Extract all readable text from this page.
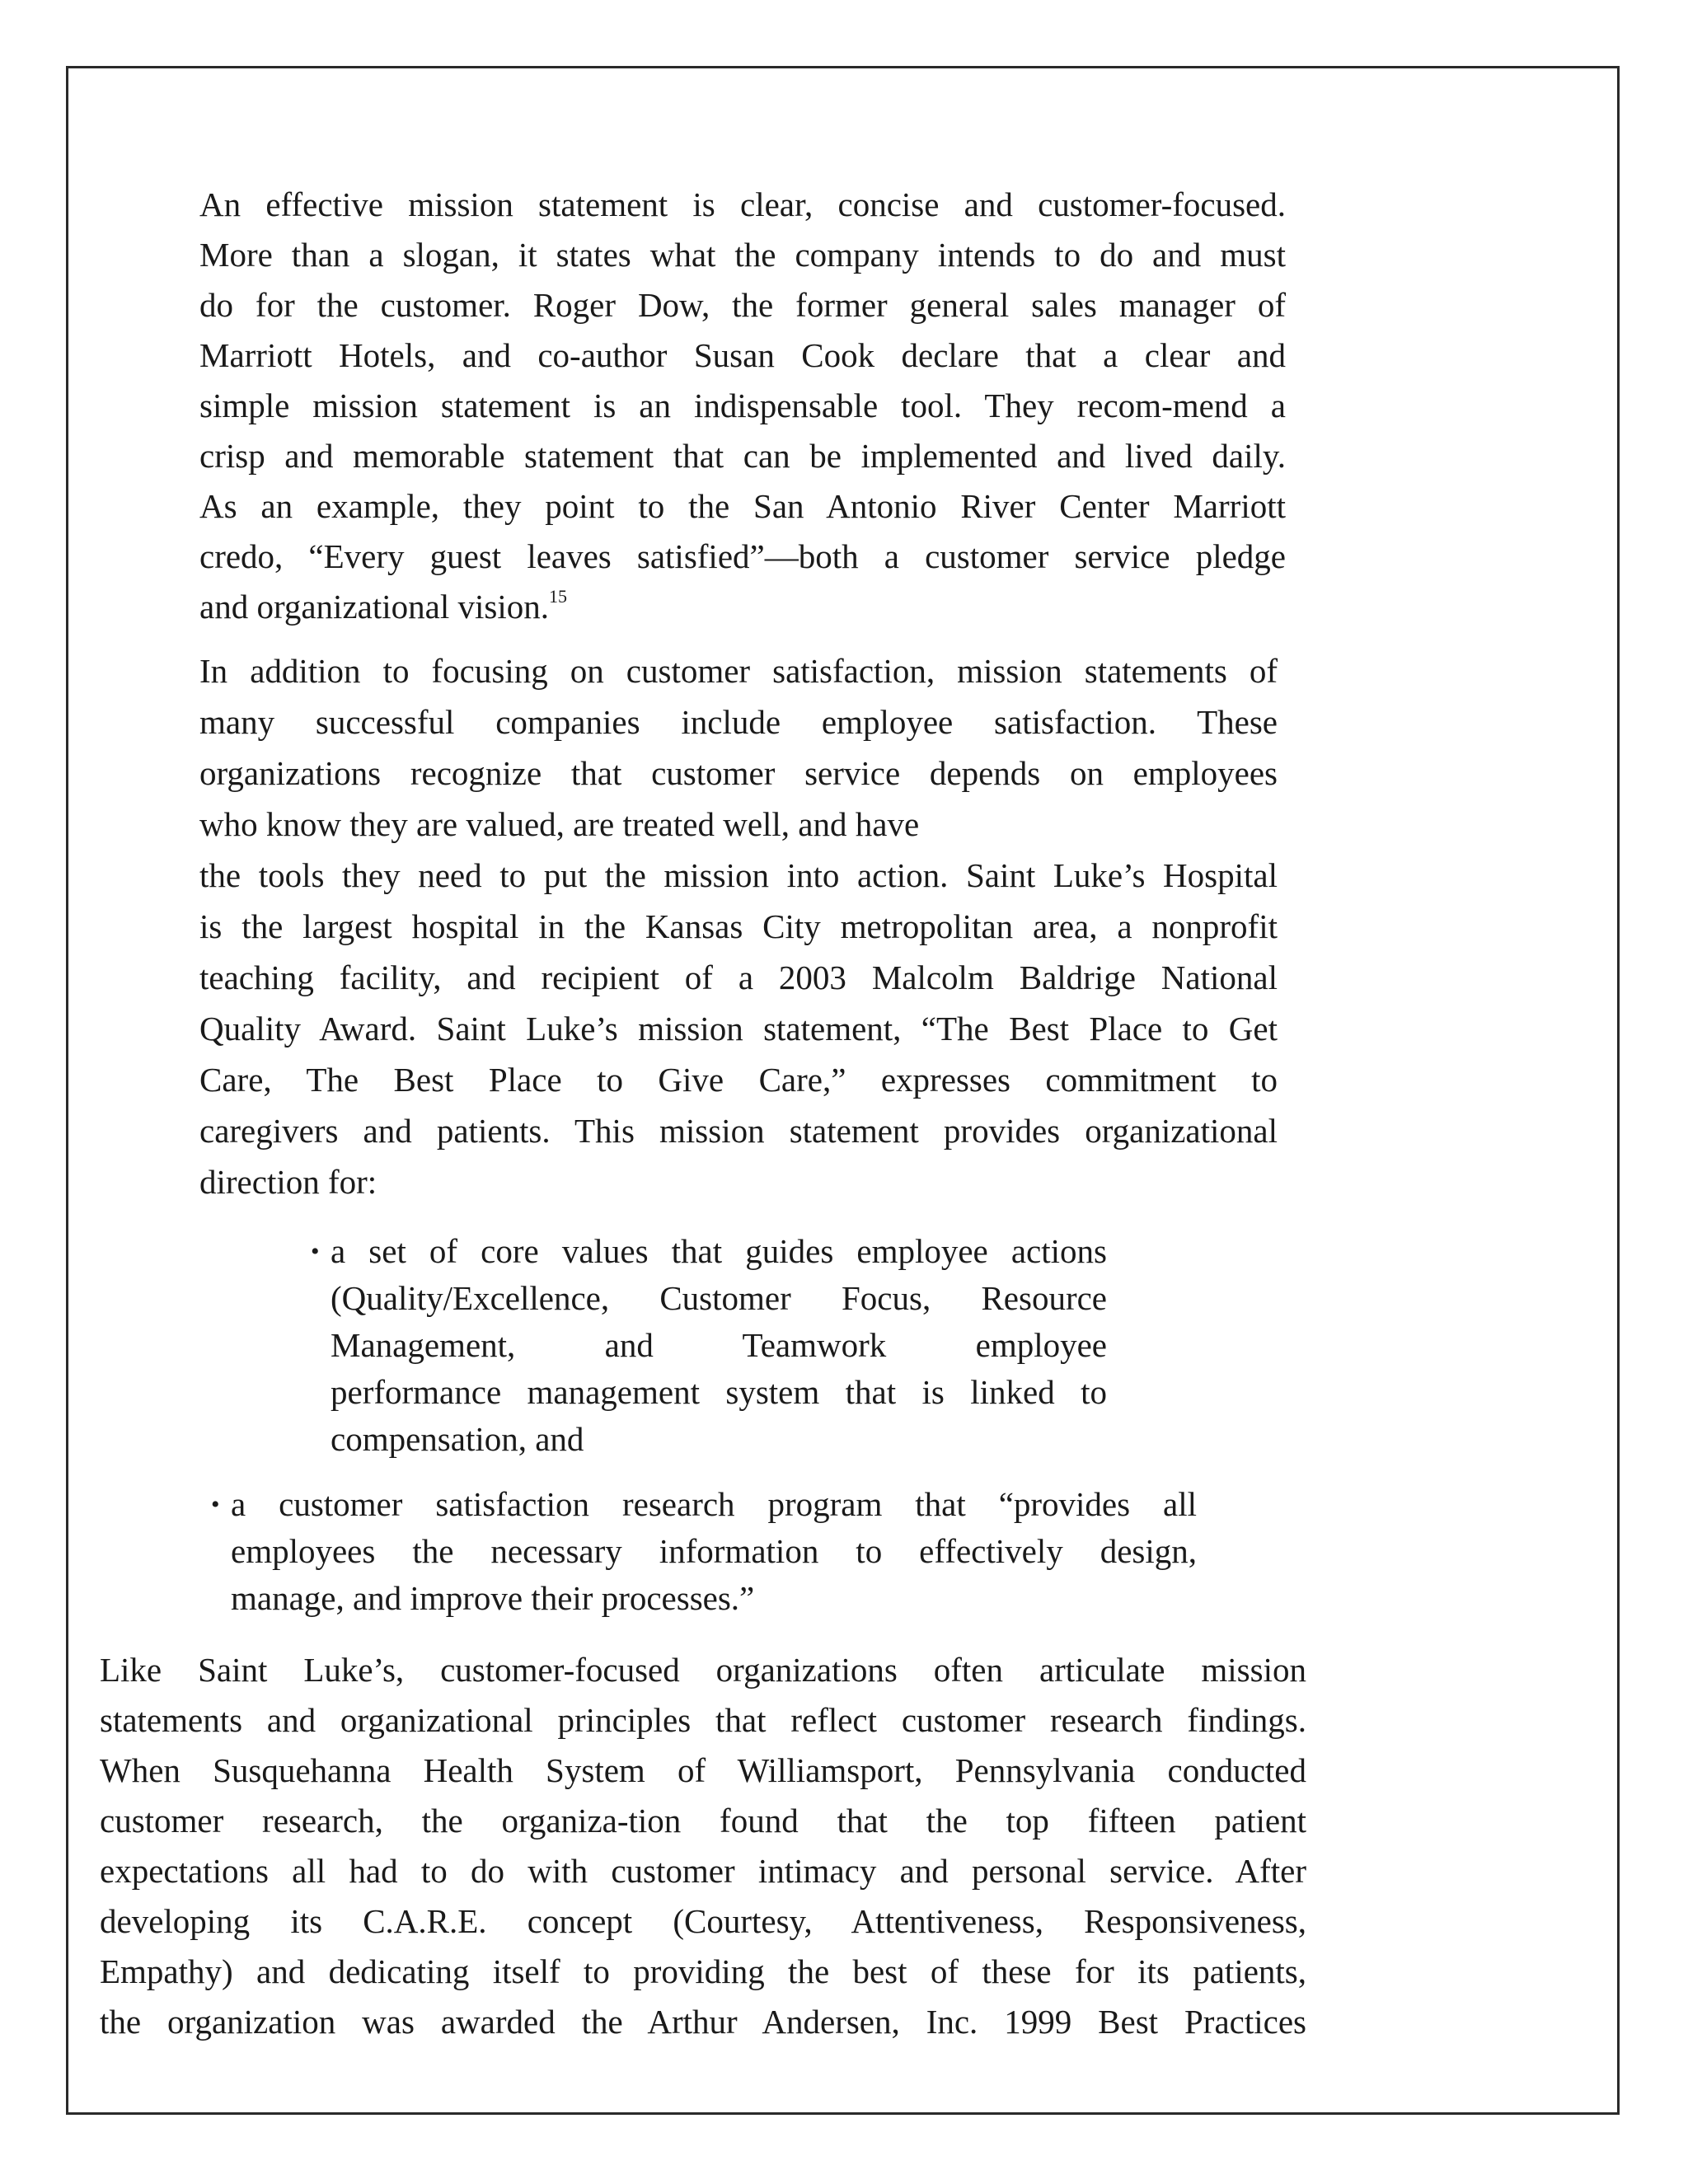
An effective mission statement is clear, concise and customer-focused.
More than a slogan, it states what the company intends to do and must
do for the customer. Roger Dow, the former general sales manager of
Marriott Hotels, and co-author Susan Cook declare that a clear and
simple mission statement is an indispensable tool. They recom-mend a
crisp and memorable statement that can be implemented and lived daily.
As an example, they point to the San Antonio River Center Marriott
credo, “Every guest leaves satisfied”—both a customer service pledge
and organizational vision.$^{15}$
In addition to focusing on customer satisfaction, mission statements of
many successful companies include employee satisfaction. These
organizations recognize that customer service depends on employees
who know they are valued, are treated well, and have
the tools they need to put the mission into action. Saint Luke’s Hospital
is the largest hospital in the Kansas City metropolitan area, a nonprofit
teaching facility, and recipient of a 2003 Malcolm Baldrige National
Quality Award. Saint Luke’s mission statement, “The Best Place to Get
Care, The Best Place to Give Care,” expresses commitment to
caregivers and patients. This mission statement provides organizational
direction for:
• a set of core values that guides employee actions
(Quality/Excellence, Customer Focus, Resource
Management, and Teamwork employee
performance management system that is linked to
compensation, and
• a customer satisfaction research program that “provides all
employees the necessary information to effectively design,
manage, and improve their processes.”
Like Saint Luke’s, customer-focused organizations often articulate mission
statements and organizational principles that reflect customer research findings.
When Susquehanna Health System of Williamsport, Pennsylvania conducted
customer research, the organiza-tion found that the top fifteen patient
expectations all had to do with customer intimacy and personal service. After
developing its C.A.R.E. concept (Courtesy, Attentiveness, Responsiveness,
Empathy) and dedicating itself to providing the best of these for its patients,
the organization was awarded the Arthur Andersen, Inc. 1999 Best Practices
